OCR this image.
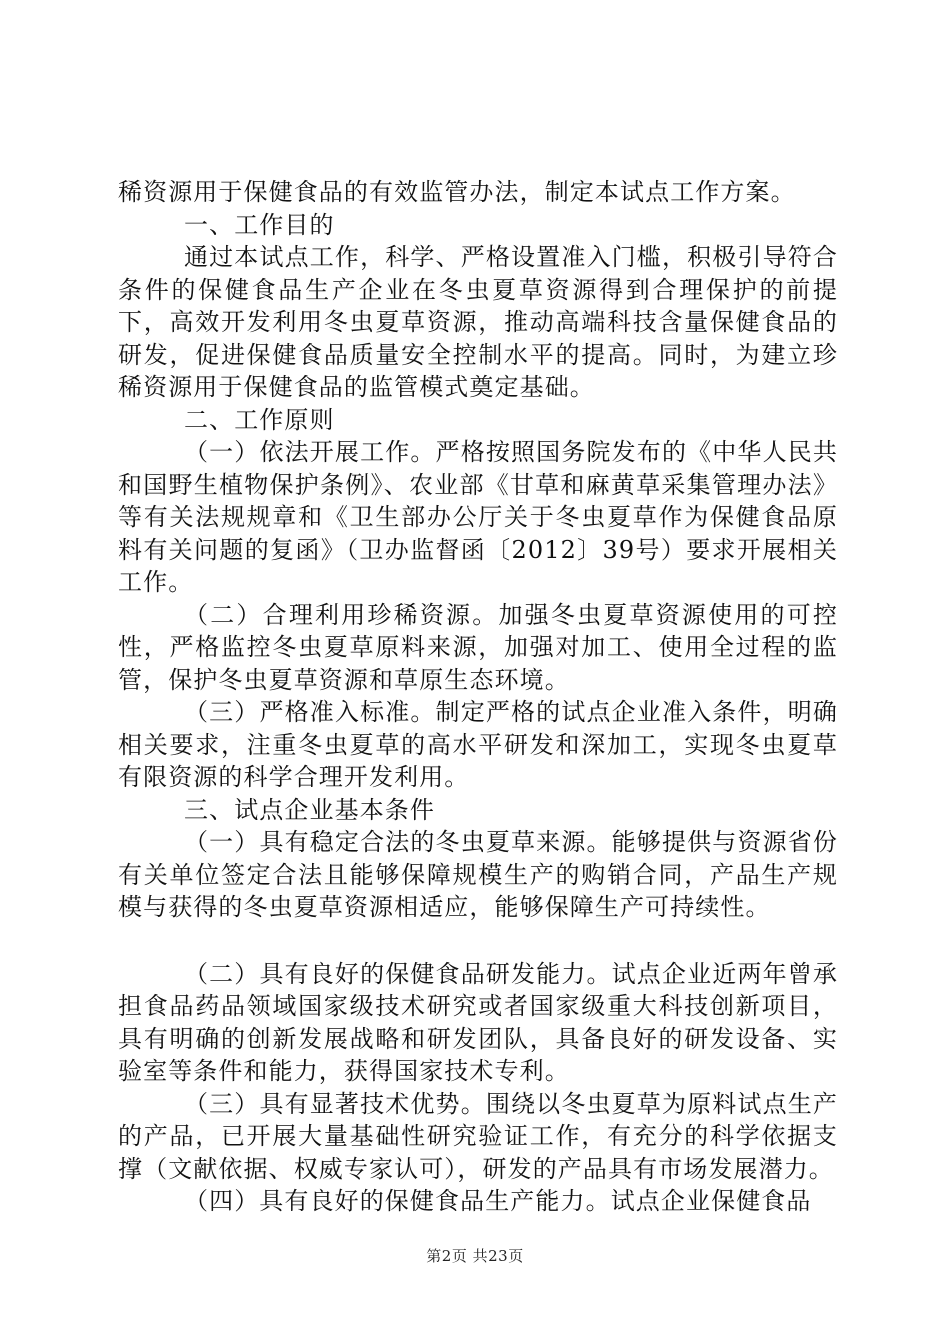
稀资源用于保健食品的有效监管办法，制定本试点工作方案。

一、工作目的

通过本试点工作，科学、严格设置准入门槛，积极引导符合条件的保健食品生产企业在冬虫夏草资源得到合理保护的前提下，高效开发利用冬虫夏草资源，推动高端科技含量保健食品的研发，促进保健食品质量安全控制水平的提高。同时，为建立珍稀资源用于保健食品的监管模式奠定基础。

二、工作原则

（一）依法开展工作。严格按照国务院发布的《中华人民共和国野生植物保护条例》、农业部《甘草和麻黄草采集管理办法》等有关法规规章和《卫生部办公厅关于冬虫夏草作为保健食品原料有关问题的复函》（卫办监督函〔2012〕39号）要求开展相关工作。

（二）合理利用珍稀资源。加强冬虫夏草资源使用的可控性，严格监控冬虫夏草原料来源，加强对加工、使用全过程的监管，保护冬虫夏草资源和草原生态环境。

（三）严格准入标准。制定严格的试点企业准入条件，明确相关要求，注重冬虫夏草的高水平研发和深加工，实现冬虫夏草有限资源的科学合理开发利用。

三、试点企业基本条件

（一）具有稳定合法的冬虫夏草来源。能够提供与资源省份有关单位签定合法且能够保障规模生产的购销合同，产品生产规模与获得的冬虫夏草资源相适应，能够保障生产可持续性。

（二）具有良好的保健食品研发能力。试点企业近两年曾承担食品药品领域国家级技术研究或者国家级重大科技创新项目，具有明确的创新发展战略和研发团队，具备良好的研发设备、实验室等条件和能力，获得国家技术专利。

（三）具有显著技术优势。围绕以冬虫夏草为原料试点生产的产品，已开展大量基础性研究验证工作，有充分的科学依据支撑（文献依据、权威专家认可），研发的产品具有市场发展潜力。

（四）具有良好的保健食品生产能力。试点企业保健食品

第2页 共23页
